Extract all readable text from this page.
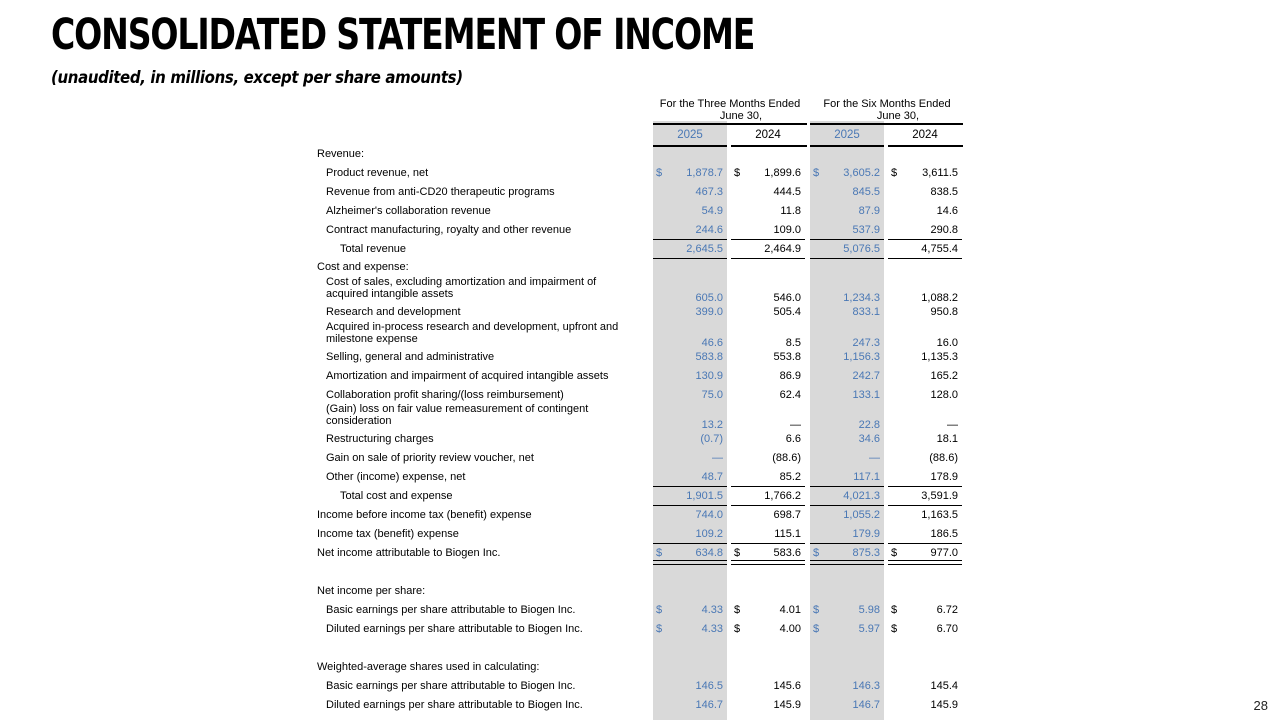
CONSOLIDATED STATEMENT OF INCOME

(unaudited, in millions, except per share amounts)

For the Three Months Ended
June 30,
For the Six Months Ended
June 30,
2025	2024	2025	2024
Revenue:
Product revenue, net	$ 1,878.7 $ 1,899.6 $ 3,605.2 $ 3,611.5
Revenue from anti-CD20 therapeutic programs	467.3	444.5	845.5	838.5
Alzheimer's collaboration revenue	54.9	11.8	87.9	14.6
Contract manufacturing, royalty and other revenue	244.6	109.0	537.9	290.8
Total revenue	2,645.5	2,464.9	5,076.5	4,755.4
Cost and expense:
Cost of sales, excluding amortization and impairment of
acquired intangible assets	605.0	546.0	1,234.3	1,088.2
Research and development	399.0	505.4	833.1	950.8
Acquired in-process research and development, upfront and
milestone expense	46.6	8.5	247.3	16.0
Selling, general and administrative	583.8	553.8	1,156.3	1,135.3
Amortization and impairment of acquired intangible assets	130.9	86.9	242.7	165.2
Collaboration profit sharing/(loss reimbursement)	75.0	62.4	133.1	128.0
(Gain) loss on fair value remeasurement of contingent
consideration	13.2	—	22.8	—
Restructuring charges	(0.7)	6.6	34.6	18.1
Gain on sale of priority review voucher, net	—	(88.6)	—	(88.6)
Other (income) expense, net	48.7	85.2	117.1	178.9
Total cost and expense	1,901.5	1,766.2	4,021.3	3,591.9
Income before income tax (benefit) expense	744.0	698.7	1,055.2	1,163.5
Income tax (benefit) expense	109.2	115.1	179.9	186.5
Net income attributable to Biogen Inc.	$	634.8 $	583.6 $	875.3 $	977.0
Net income per share:
Basic earnings per share attributable to Biogen Inc.	$	4.33 $	4.01 $	5.98 $	6.72
Diluted earnings per share attributable to Biogen Inc.	$	4.33 $	4.00 $	5.97 $	6.70
Weighted-average shares used in calculating:
Basic earnings per share attributable to Biogen Inc.	146.5	145.6	146.3	145.4
Diluted earnings per share attributable to Biogen Inc.	146.7	145.9	146.7	145.9	28
